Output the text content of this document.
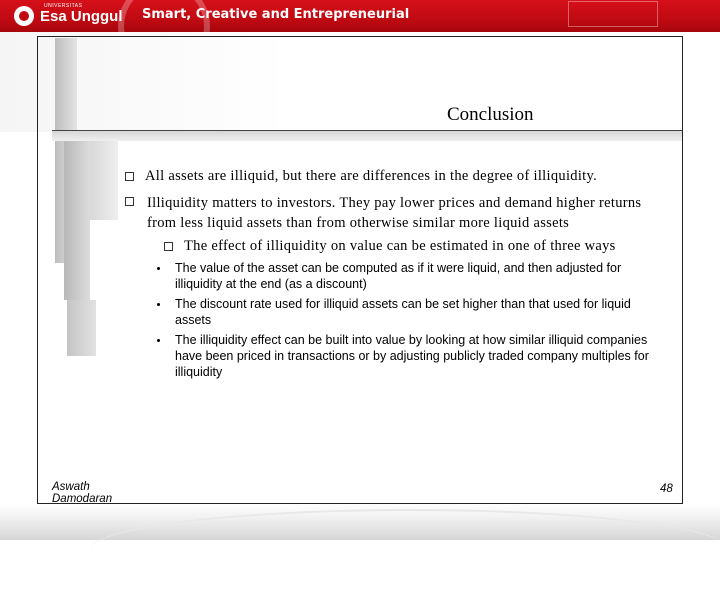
UNIVERSITAS
Esa Unggul Smart, Creative and Entrepreneurial
Conclusion
All assets are illiquid, but there are differences in the degree of illiquidity.
Illiquidity matters to investors. They pay lower prices and demand higher returns from less liquid assets than from otherwise similar more liquid assets
The effect of illiquidity on value can be estimated in one of three ways
The value of the asset can be computed as if it were liquid, and then adjusted for illiquidity at the end (as a discount)
The discount rate used for illiquid assets can be set higher than that used for liquid assets
The illiquidity effect can be built into value by looking at how similar illiquid companies have been priced in transactions or by adjusting publicly traded company multiples for illiquidity
Aswath
Damodaran
48
